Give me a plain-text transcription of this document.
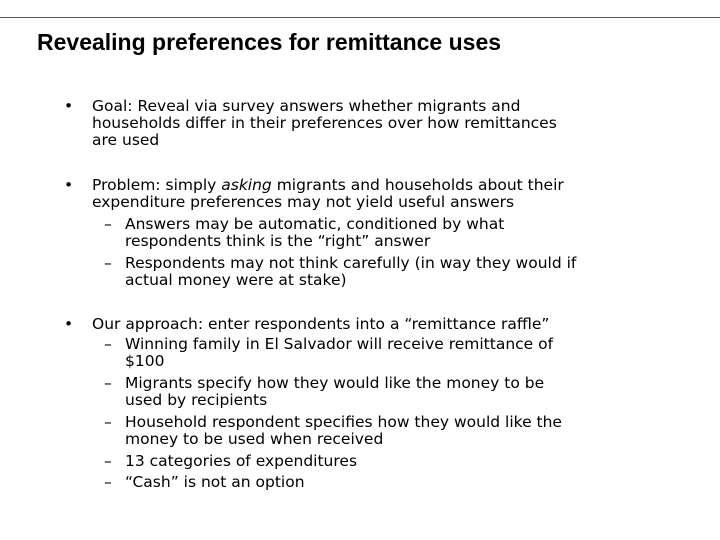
Revealing preferences for remittance uses
• Goal: Reveal via survey answers whether migrants and
households differ in their preferences over how remittances
are used
• Problem: simply asking migrants and households about their
expenditure preferences may not yield useful answers
– Answers may be automatic, conditioned by what
respondents think is the “right” answer
– Respondents may not think carefully (in way they would if
actual money were at stake)
• Our approach: enter respondents into a “remittance raffle”
– Winning family in El Salvador will receive remittance of
$100
– Migrants specify how they would like the money to be
used by recipients
– Household respondent specifies how they would like the
money to be used when received
– 13 categories of expenditures
– “Cash” is not an option
